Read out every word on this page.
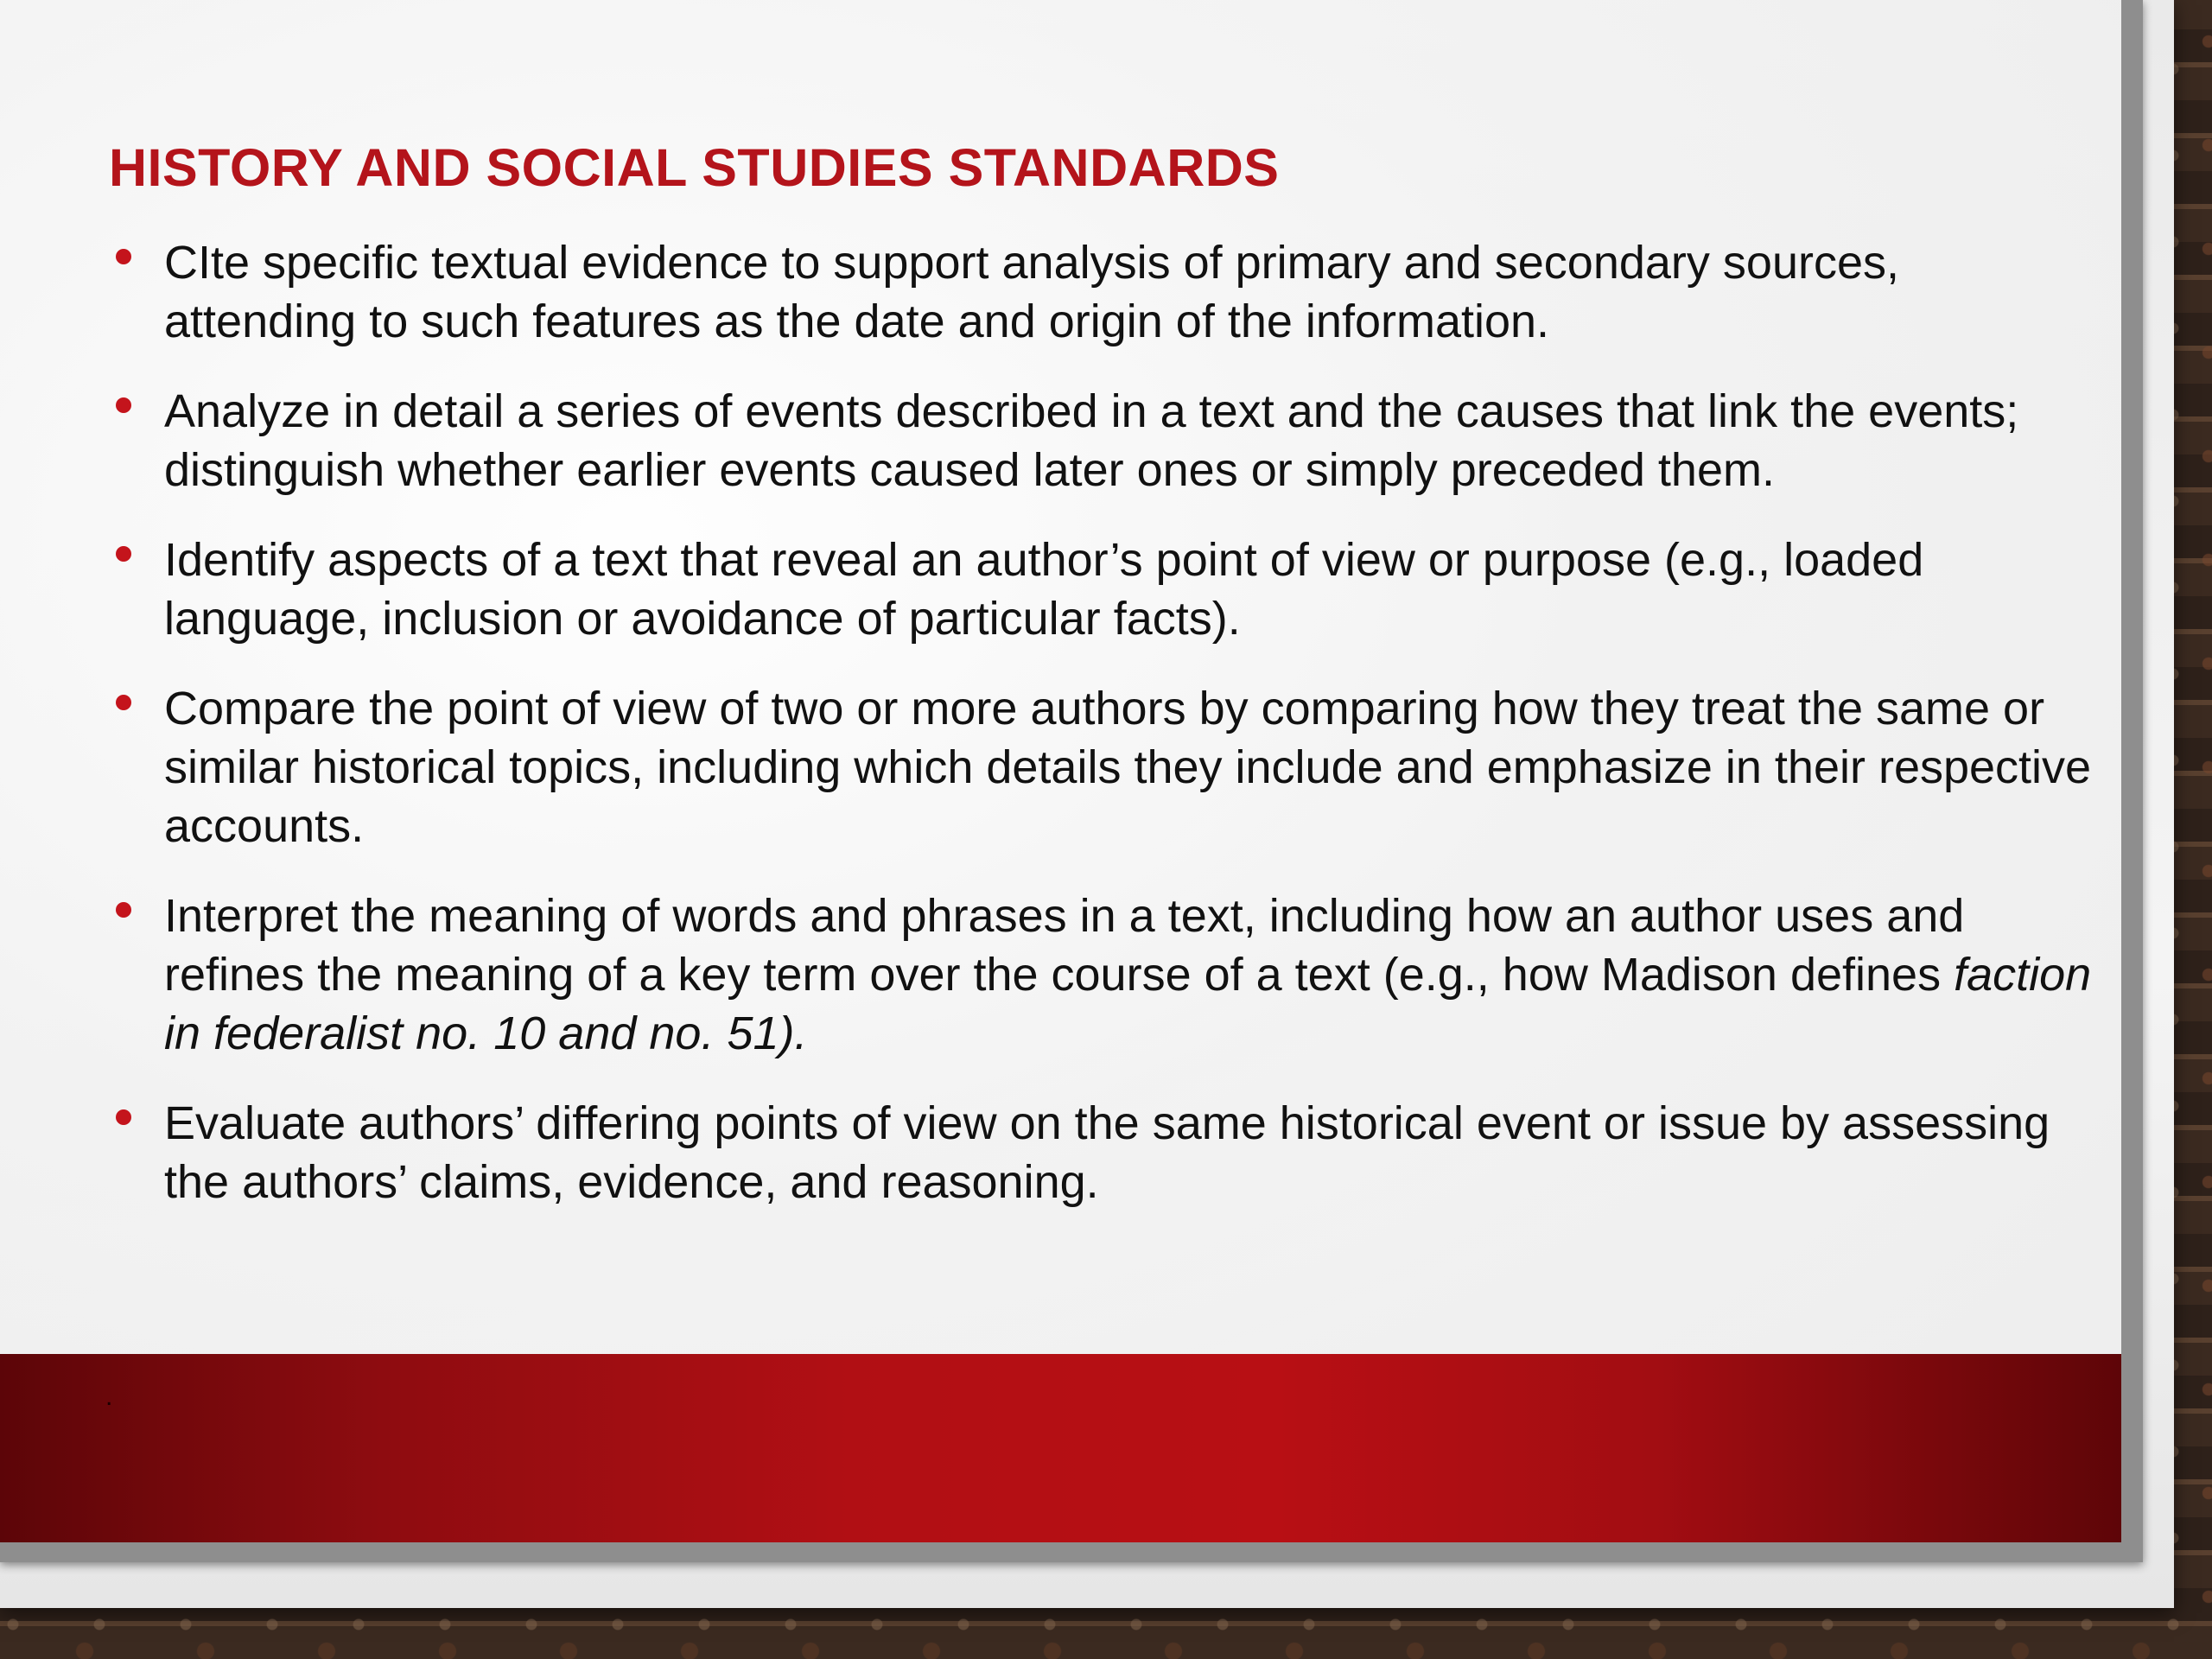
HISTORY AND SOCIAL STUDIES STANDARDS
CIte specific textual evidence to support analysis of primary and secondary sources, attending to such features as the date and origin of the information.
Analyze in detail a series of events described in a text and the causes that link the events; distinguish whether earlier events caused later ones or simply preceded them.
Identify aspects of a text that reveal an author’s point of view or purpose (e.g., loaded language, inclusion or avoidance of particular facts).
Compare the point of view of two or more authors by comparing how they treat the same or similar historical topics, including which details they include and emphasize in their respective accounts.
Interpret the meaning of words and phrases in a text, including how an author uses and refines the meaning of a key term over the course of a text (e.g., how Madison defines faction in federalist no. 10 and no. 51).
Evaluate authors’ differing points of view on the same historical event or issue by assessing the authors’ claims, evidence, and reasoning.
.
